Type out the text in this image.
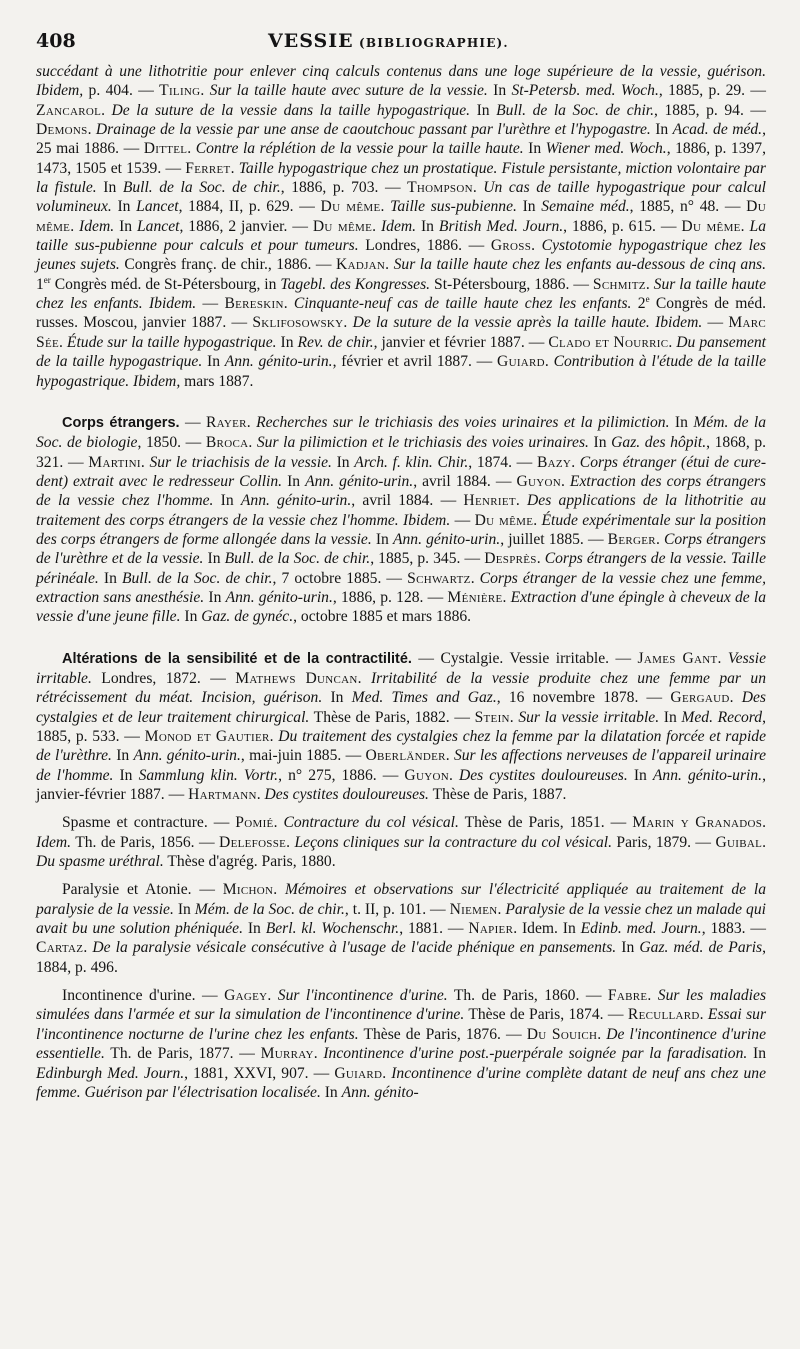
408	VESSIE (BIBLIOGRAPHIE).

succédant à une lithotritie pour enlever cinq calculs contenus dans une loge supérieure de la vessie, guérison. Ibidem, p. 404. — Tiling. Sur la taille haute avec suture de la vessie. In St-Petersb. med. Woch., 1885, p. 29. — Zancarol. De la suture de la vessie dans la taille hypogastrique. In Bull. de la Soc. de chir., 1885, p. 94. — Demons. Drainage de la vessie par une anse de caoutchouc passant par l'urèthre et l'hypogastre. In Acad. de méd., 25 mai 1886. — Dittel. Contre la réplétion de la vessie pour la taille haute. In Wiener med. Woch., 1886, p. 1397, 1473, 1505 et 1539. — Ferret. Taille hypogastrique chez un prostatique. Fistule persistante, miction volontaire par la fistule. In Bull. de la Soc. de chir., 1886, p. 703. — Thompson. Un cas de taille hypogastrique pour calcul volumineux. In Lancet, 1884, II, p. 629. — Du même. Taille sus-pubienne. In Semaine méd., 1885, n° 48. — Du même. Idem. In Lancet, 1886, 2 janvier. — Du même. Idem. In British Med. Journ., 1886, p. 615. — Du même. La taille sus-pubienne pour calculs et pour tumeurs. Londres, 1886. — Gross. Cystotomie hypogastrique chez les jeunes sujets. Congrès franç. de chir., 1886. — Kadjan. Sur la taille haute chez les enfants au-dessous de cinq ans. 1er Congrès méd. de St-Pétersbourg, in Tagebl. des Kongresses. St-Pétersbourg, 1886. — Schmitz. Sur la taille haute chez les enfants. Ibidem. — Bereskin. Cinquante-neuf cas de taille haute chez les enfants. 2e Congrès de méd. russes. Moscou, janvier 1887. — Sklifosowsky. De la suture de la vessie après la taille haute. Ibidem. — Marc Sée. Étude sur la taille hypogastrique. In Rev. de chir., janvier et février 1887. — Clado et Nourric. Du pansement de la taille hypogastrique. In Ann. génito-urin., février et avril 1887. — Guiard. Contribution à l'étude de la taille hypogastrique. Ibidem, mars 1887.

Corps étrangers. — Rayer. Recherches sur le trichiasis des voies urinaires et la pilimiction. In Mém. de la Soc. de biologie, 1850. — Broca. Sur la pilimiction et le trichiasis des voies urinaires. In Gaz. des hôpit., 1868, p. 321. — Martini. Sur le triachisis de la vessie. In Arch. f. klin. Chir., 1874. — Bazy. Corps étranger (étui de cure-dent) extrait avec le redresseur Collin. In Ann. génito-urin., avril 1884. — Guyon. Extraction des corps étrangers de la vessie chez l'homme. In Ann. génito-urin., avril 1884. — Henriet. Des applications de la lithotritie au traitement des corps étrangers de la vessie chez l'homme. Ibidem. — Du même. Étude expérimentale sur la position des corps étrangers de forme allongée dans la vessie. In Ann. génito-urin., juillet 1885. — Berger. Corps étrangers de l'urèthre et de la vessie. In Bull. de la Soc. de chir., 1885, p. 345. — Desprès. Corps étrangers de la vessie. Taille périnéale. In Bull. de la Soc. de chir., 7 octobre 1885. — Schwartz. Corps étranger de la vessie chez une femme, extraction sans anesthésie. In Ann. génito-urin., 1886, p. 128. — Ménière. Extraction d'une épingle à cheveux de la vessie d'une jeune fille. In Gaz. de gynéc., octobre 1885 et mars 1886.

Altérations de la sensibilité et de la contractilité. — Cystalgie. Vessie irritable. — James Gant. Vessie irritable. Londres, 1872. — Mathews Duncan. Irritabilité de la vessie produite chez une femme par un rétrécissement du méat. Incision, guérison. In Med. Times and Gaz., 16 novembre 1878. — Gergaud. Des cystalgies et de leur traitement chirurgical. Thèse de Paris, 1882. — Stein. Sur la vessie irritable. In Med. Record, 1885, p. 533. — Monod et Gautier. Du traitement des cystalgies chez la femme par la dilatation forcée et rapide de l'urèthre. In Ann. génito-urin., mai-juin 1885. — Oberländer. Sur les affections nerveuses de l'appareil urinaire de l'homme. In Sammlung klin. Vortr., n° 275, 1886. — Guyon. Des cystites douloureuses. In Ann. génito-urin., janvier-février 1887. — Hartmann. Des cystites douloureuses. Thèse de Paris, 1887.

Spasme et contracture. — Pomié. Contracture du col vésical. Thèse de Paris, 1851. — Marin y Granados. Idem. Th. de Paris, 1856. — Delefosse. Leçons cliniques sur la contracture du col vésical. Paris, 1879. — Guibal. Du spasme uréthral. Thèse d'agrég. Paris, 1880.

Paralysie et Atonie. — Michon. Mémoires et observations sur l'électricité appliquée au traitement de la paralysie de la vessie. In Mém. de la Soc. de chir., t. II, p. 101. — Niemen. Paralysie de la vessie chez un malade qui avait bu une solution phéniquée. In Berl. kl. Wochenschr., 1881. — Napier. Idem. In Edinb. med. Journ., 1883. — Cartaz. De la paralysie vésicale consécutive à l'usage de l'acide phénique en pansements. In Gaz. méd. de Paris, 1884, p. 496.

Incontinence d'urine. — Gagey. Sur l'incontinence d'urine. Th. de Paris, 1860. — Fabre. Sur les maladies simulées dans l'armée et sur la simulation de l'incontinence d'urine. Thèse de Paris, 1874. — Recullard. Essai sur l'incontinence nocturne de l'urine chez les enfants. Thèse de Paris, 1876. — Du Souich. De l'incontinence d'urine essentielle. Th. de Paris, 1877. — Murray. Incontinence d'urine post.-puerpérale soignée par la faradisation. In Edinburgh Med. Journ., 1881, XXVI, 907. — Guiard. Incontinence d'urine complète datant de neuf ans chez une femme. Guérison par l'électrisation localisée. In Ann. génito-
